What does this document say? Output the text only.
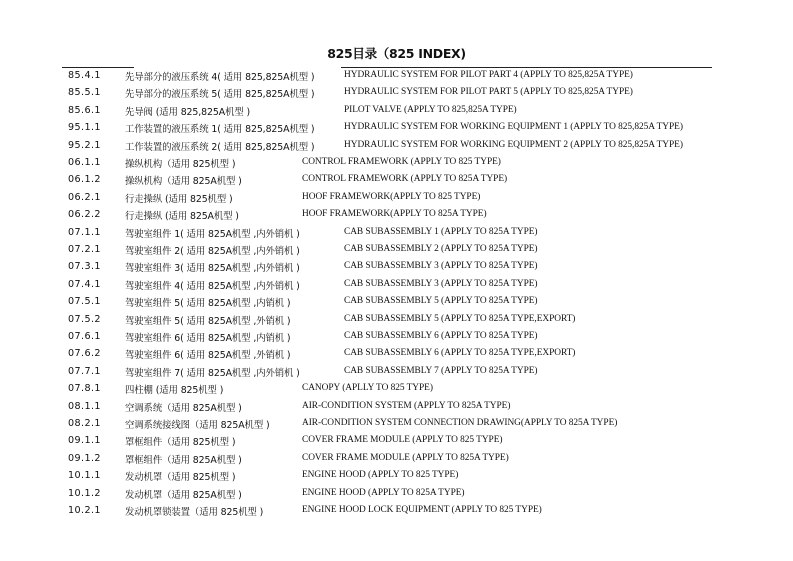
825目录（825 INDEX)
85.4.1	先导部分的液压系统 4( 适用 825,825A机型 )	HYDRAULIC SYSTEM FOR PILOT PART 4 (APPLY TO 825,825A TYPE)
85.5.1	先导部分的液压系统 5( 适用 825,825A机型 )	HYDRAULIC SYSTEM FOR PILOT PART 5 (APPLY TO 825,825A TYPE)
85.6.1	先导阀 (适用 825,825A机型 )	PILOT VALVE (APPLY TO 825,825A TYPE)
95.1.1	工作装置的液压系统 1( 适用 825,825A机型 )	HYDRAULIC SYSTEM FOR WORKING EQUIPMENT 1 (APPLY TO 825,825A TYPE)
95.2.1	工作装置的液压系统 2( 适用 825,825A机型 )	HYDRAULIC SYSTEM FOR WORKING EQUIPMENT 2 (APPLY TO 825,825A TYPE)
06.1.1	操纵机构（适用 825机型 )	CONTROL FRAMEWORK (APPLY TO 825 TYPE)
06.1.2	操纵机构（适用 825A机型 )	CONTROL FRAMEWORK (APPLY TO 825A TYPE)
06.2.1	行走操纵 (适用 825机型 )	HOOF FRAMEWORK(APPLY TO 825 TYPE)
06.2.2	行走操纵 (适用 825A机型 )	HOOF FRAMEWORK(APPLY TO 825A TYPE)
07.1.1	驾驶室组件 1( 适用 825A机型 ,内外销机 )	CAB SUBASSEMBLY 1 (APPLY TO 825A TYPE)
07.2.1	驾驶室组件 2( 适用 825A机型 ,内外销机 )	CAB SUBASSEMBLY 2 (APPLY TO 825A TYPE)
07.3.1	驾驶室组件 3( 适用 825A机型 ,内外销机 )	CAB SUBASSEMBLY 3 (APPLY TO 825A TYPE)
07.4.1	驾驶室组件 4( 适用 825A机型 ,内外销机 )	CAB SUBASSEMBLY 3 (APPLY TO 825A TYPE)
07.5.1	驾驶室组件 5( 适用 825A机型 ,内销机 )	CAB SUBASSEMBLY 5 (APPLY TO 825A TYPE)
07.5.2	驾驶室组件 5( 适用 825A机型 ,外销机 )	CAB SUBASSEMBLY 5 (APPLY TO 825A TYPE,EXPORT)
07.6.1	驾驶室组件 6( 适用 825A机型 ,内销机 )	CAB SUBASSEMBLY 6 (APPLY TO 825A TYPE)
07.6.2	驾驶室组件 6( 适用 825A机型 ,外销机 )	CAB SUBASSEMBLY 6 (APPLY TO 825A TYPE,EXPORT)
07.7.1	驾驶室组件 7( 适用 825A机型 ,内外销机 )	CAB SUBASSEMBLY 7 (APPLY TO 825A TYPE)
07.8.1	四柱棚 (适用 825机型 )	CANOPY (APLLY TO 825 TYPE)
08.1.1	空调系统（适用 825A机型 )	AIR-CONDITION SYSTEM (APPLY TO 825A TYPE)
08.2.1	空调系统接线图（适用 825A机型 )	AIR-CONDITION SYSTEM CONNECTION DRAWING(APPLY TO 825A TYPE)
09.1.1	罩框组件（适用 825机型 )	COVER FRAME MODULE (APPLY TO 825 TYPE)
09.1.2	罩框组件（适用 825A机型 )	COVER FRAME MODULE (APPLY TO 825A TYPE)
10.1.1	发动机罩（适用 825机型 )	ENGINE HOOD (APPLY TO 825 TYPE)
10.1.2	发动机罩（适用 825A机型 )	ENGINE HOOD (APPLY TO 825A TYPE)
10.2.1	发动机罩锁装置（适用 825机型 )	ENGINE HOOD LOCK EQUIPMENT (APPLY TO 825 TYPE)
